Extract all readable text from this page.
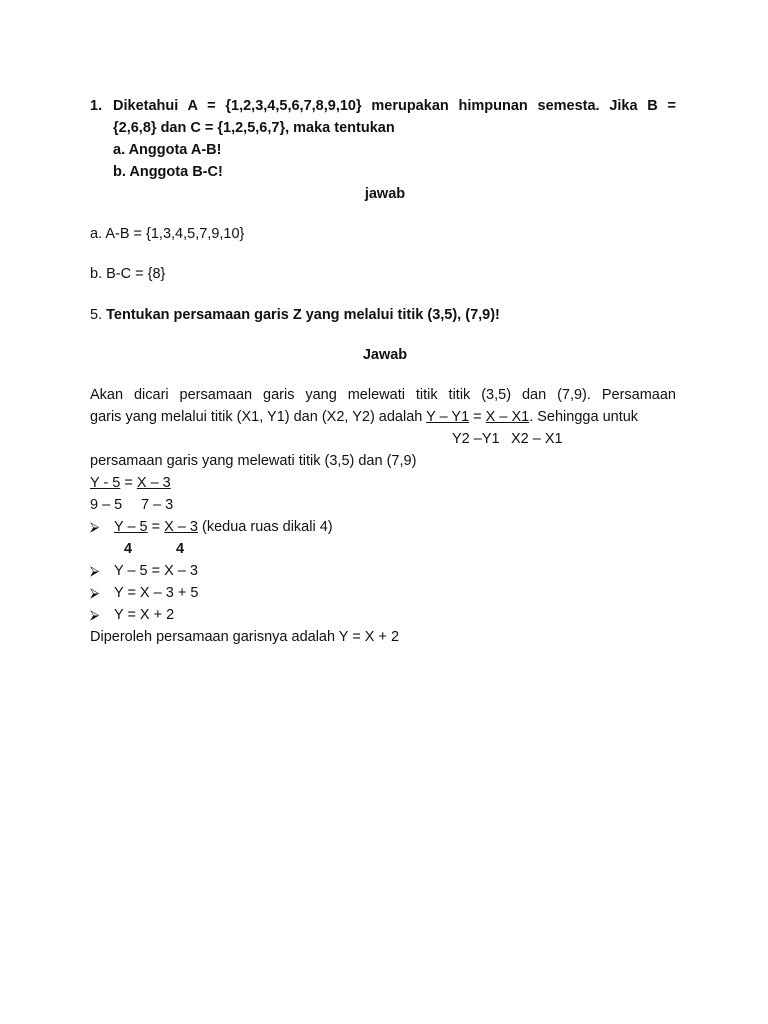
1. Diketahui A = {1,2,3,4,5,6,7,8,9,10} merupakan himpunan semesta. Jika B =
{2,6,8} dan C = {1,2,5,6,7}, maka tentukan
a. Anggota A-B!
b. Anggota B-C!
jawab
a. A-B = {1,3,4,5,7,9,10}
b. B-C = {8}
5. Tentukan persamaan garis Z yang melalui titik (3,5), (7,9)!
Jawab
Akan dicari persamaan garis yang melewati titik titik (3,5) dan (7,9). Persamaan
garis yang melalui titik (X1, Y1) dan (X2, Y2) adalah Y – Y1 = X – X1. Sehingga untuk
Y2 –Y1 X2 – X1
persamaan garis yang melewati titik (3,5) dan (7,9)
Y - 5 = X – 3
9 – 5 7 – 3
⮚ Y – 5 = X – 3 (kedua ruas dikali 4)
4	4
⮚ Y – 5 = X – 3
⮚ Y = X – 3 + 5
⮚ Y = X + 2
Diperoleh persamaan garisnya adalah Y = X + 2
